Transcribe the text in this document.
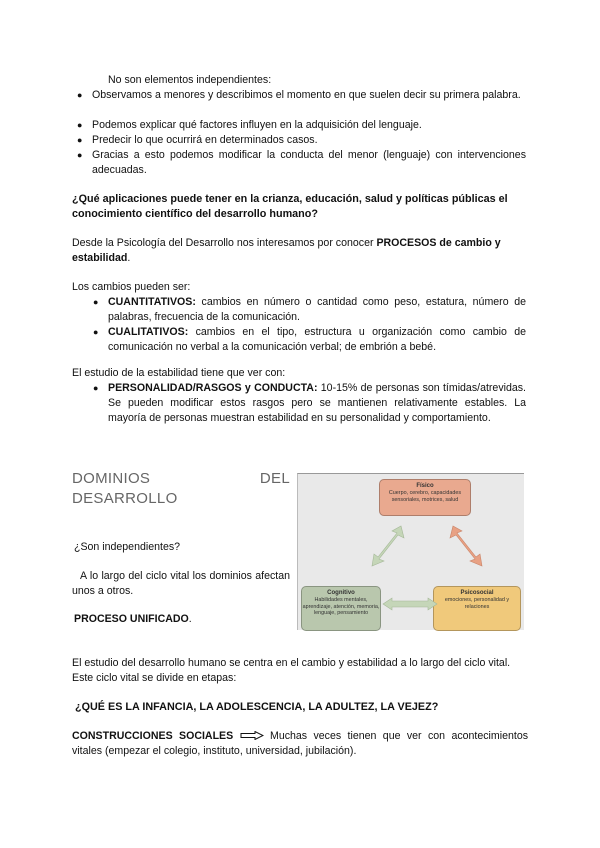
No son elementos independientes:

● Observamos a menores y describimos el momento en que suelen decir su primera palabra.
● Podemos explicar qué factores influyen en la adquisición del lenguaje.
● Predecir lo que ocurrirá en determinados casos.
● Gracias a esto podemos modificar la conducta del menor (lenguaje) con intervenciones adecuadas.

¿Qué aplicaciones puede tener en la crianza, educación, salud y políticas públicas el conocimiento científico del desarrollo humano?

Desde la Psicología del Desarrollo nos interesamos por conocer PROCESOS de cambio y estabilidad.

Los cambios pueden ser:

● CUANTITATIVOS: cambios en número o cantidad como peso, estatura, número de palabras, frecuencia de la comunicación.
● CUALITATIVOS: cambios en el tipo, estructura u organización como cambio de comunicación no verbal a la comunicación verbal; de embrión a bebé.

El estudio de la estabilidad tiene que ver con:

● PERSONALIDAD/RASGOS y CONDUCTA: 10-15% de personas son tímidas/atrevidas. Se pueden modificar estos rasgos pero se mantienen relativamente estables. La mayoría de personas muestran estabilidad en su personalidad y comportamiento.
DOMINIOS	DEL
DESARROLLO

¿Son independientes?

A lo largo del ciclo vital los dominios afectan unos a otros.

PROCESO UNIFICADO.

Físico
Cuerpo, cerebro, capacidades sensoriales, motrices, salud
Cognitivo
Habilidades mentales, aprendizaje, atención, memoria, lenguaje, pensamiento
Psicosocial
emociones, personalidad y relaciones

El estudio del desarrollo humano se centra en el cambio y estabilidad a lo largo del ciclo vital. Este ciclo vital se divide en etapas:

¿QUÉ ES LA INFANCIA, LA ADOLESCENCIA, LA ADULTEZ, LA VEJEZ?

CONSTRUCCIONES SOCIALES	Muchas veces tienen que ver con acontecimientos vitales (empezar el colegio, instituto, universidad, jubilación).
